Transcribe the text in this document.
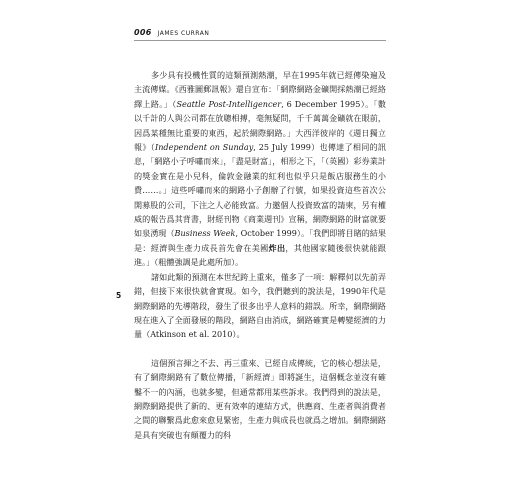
006 JAMES CURRAN
5

多少具有投機性質的這類預測熱潮，早在1995年就已經傳染遍及主流傳媒。《西雅圖郵訊報》還自宣布：「網際網路金礦開採熱潮已經絡繹上路。」（Seattle Post-Intelligencer, 6 December 1995）。「數以千計的人與公司都在放聰相搏，毫無疑問，千千萬萬金礦就在眼前，因爲某種無比重要的東西，起於網際網路。」大西洋彼岸的《週日獨立報》（Independent on Sunday, 25 July 1999）也傳達了相同的訊息，「網路小子呼嘯而來」，「盡是財富」，相形之下，「（英國）彩券業計的獎金實在是小兒科，倫敦金融業的紅利也似乎只是飯店服務生的小費……。」這些呼嘯而來的網路小子創辦了行號，如果投資這些首次公開募股的公司，下注之人必能致富。力邀個人投資致富的請柬，另有權威的報告爲其背書，財經刊物《商業週刊》宣稱，網際網路的財富就要如泉湧現（Business Week, October 1999）。「我們即將目睹的結果是：經濟與生產力成長首先會在美國炸出，其他國家隨後很快就能跟進。」（粗體強調是此處所加）。

諸如此類的預測在本世紀跨上重來，僅多了一項：解釋何以先前弄錯，但接下來很快就會實現。如今，我們聽到的說法是，1990年代是網際網路的先導階段，發生了很多出乎人意料的錯誤。所幸，網際網路現在進入了全面發展的階段，網路自由消成，網路確實是轉變經濟的力量（Atkinson et al. 2010）。

這個預言揮之不去、再三重來、已經自成傳統，它的核心想法是，有了網際網路有了數位傳播，「新經濟」即將誕生，這個概念並沒有確鑿不一的內涵，也就多變，但通常都用某些訴求。我們得到的說法是，網際網路提供了新的、更有效率的連結方式，供應商、生產者與消費者之間的聯繫爲此愈來愈見緊密，生產力與成長也就爲之增加。網際網路是具有突破也有顛覆力的科
